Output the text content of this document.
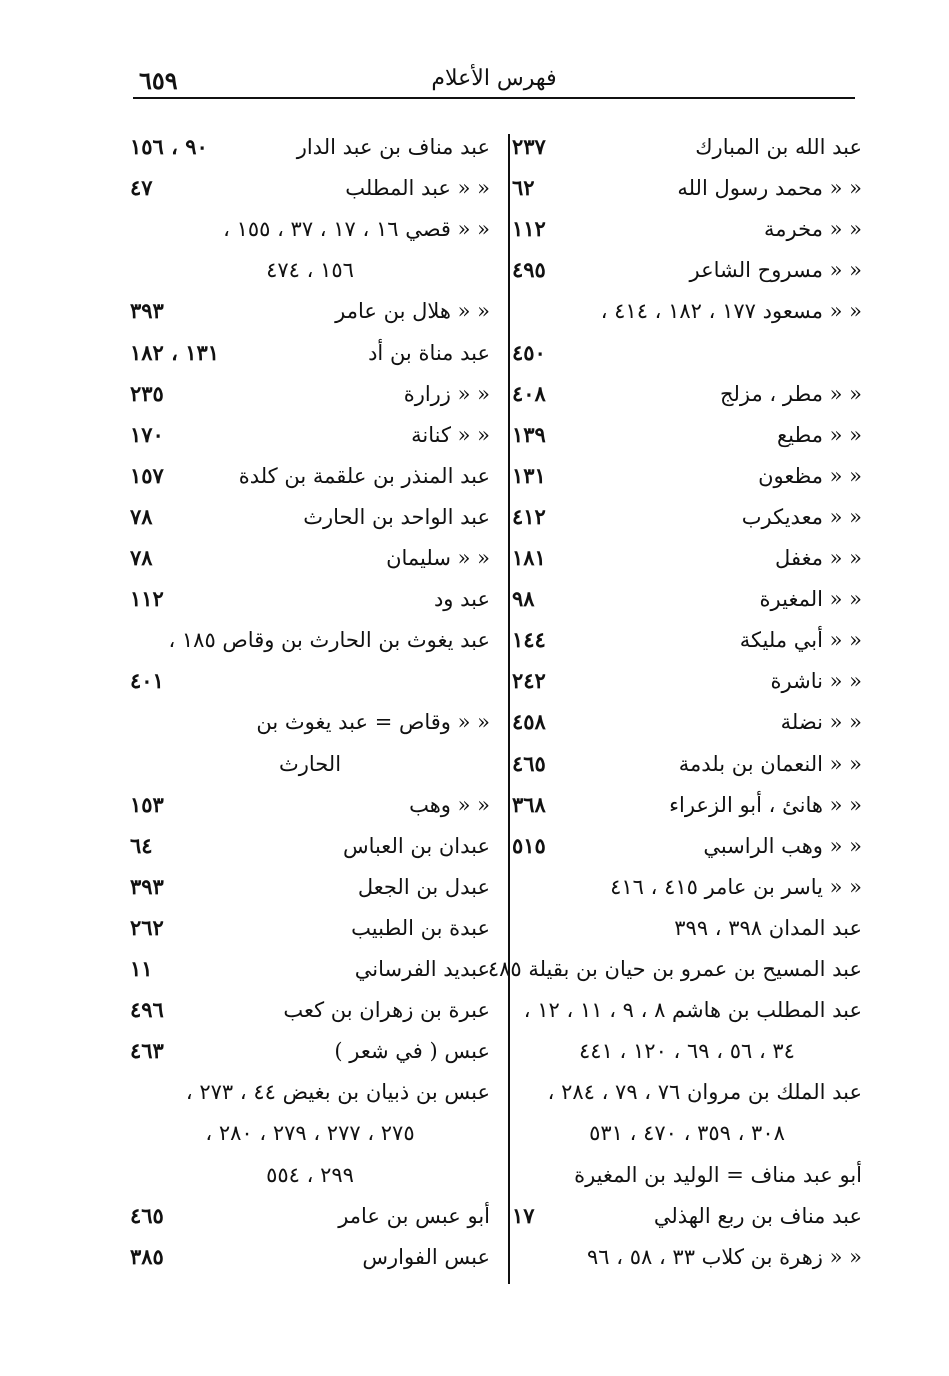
فهرس الأعلام
٦٥٩
عبد الله بن المبارك
٢٣٧
« « محمد رسول الله
٦٢
« « مخرمة
١١٢
« « مسروح الشاعر
٤٩٥
« « مسعود ١٧٧ ، ١٨٢ ، ٤١٤ ،
٤٥٠
« « مطر ، مزلج
٤٠٨
« « مطيع
١٣٩
« « مظعون
١٣١
« « معديكرب
٤١٢
« « مغفل
١٨١
« « المغيرة
٩٨
« « أبي مليكة
١٤٤
« « ناشرة
٢٤٢
« « نضلة
٤٥٨
« « النعمان بن بلدمة
٤٦٥
« « هانئ ، أبو الزعراء
٣٦٨
« « وهب الراسبي
٥١٥
« « ياسر بن عامر ٤١٥ ، ٤١٦
عبد المدان ٣٩٨ ، ٣٩٩
عبد المسيح بن عمرو بن حيان بن بقيلة ٤٨٥
عبد المطلب بن هاشم ٨ ، ٩ ، ١١ ، ١٢ ،
٣٤ ، ٥٦ ، ٦٩ ، ١٢٠ ، ٤٤١
عبد الملك بن مروان ٧٦ ، ٧٩ ، ٢٨٤ ،
٣٠٨ ، ٣٥٩ ، ٤٧٠ ، ٥٣١
أبو عبد مناف = الوليد بن المغيرة
عبد مناف بن ربع الهذلي
١٧
« « زهرة بن كلاب ٣٣ ، ٥٨ ، ٩٦
عبد مناف بن عبد الدار
٩٠ ، ١٥٦
« « عبد المطلب
٤٧
« « قصي ١٦ ، ١٧ ، ٣٧ ، ١٥٥ ،
١٥٦ ، ٤٧٤
« « هلال بن عامر
٣٩٣
عبد مناة بن أد
١٣١ ، ١٨٢
« « زرارة
٢٣٥
« « كنانة
١٧٠
عبد المنذر بن علقمة بن كلدة
١٥٧
عبد الواحد بن الحارث
٧٨
« « سليمان
٧٨
عبد ود
١١٢
عبد يغوث بن الحارث بن وقاص ١٨٥ ،
٤٠١
« « وقاص = عبد يغوث بن
الحارث
« « وهب
١٥٣
عبدان بن العباس
٦٤
عبدل بن الجعل
٣٩٣
عبدة بن الطبيب
٢٦٢
عبديد الفرساني
١١
عبرة بن زهران بن كعب
٤٩٦
عبس ( في شعر )
٤٦٣
عبس بن ذبيان بن بغيض ٤٤ ، ٢٧٣ ،
٢٧٥ ، ٢٧٧ ، ٢٧٩ ، ٢٨٠ ،
٢٩٩ ، ٥٥٤
أبو عبس بن عامر
٤٦٥
عبس الفوارس
٣٨٥
